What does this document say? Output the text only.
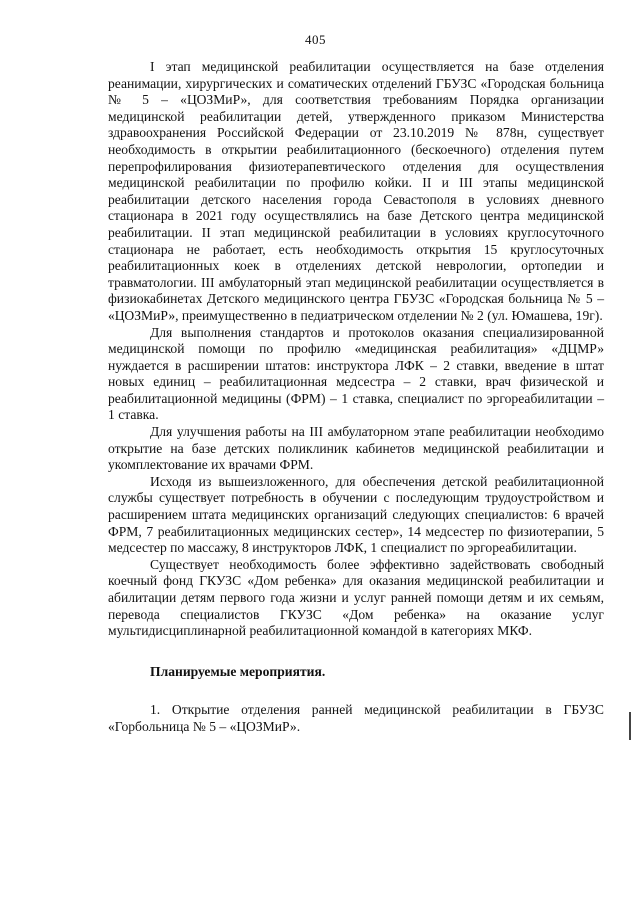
405

I этап медицинской реабилитации осуществляется на базе отделения реанимации, хирургических и соматических отделений ГБУЗС «Городская больница № 5 – «ЦОЗМиР», для соответствия требованиям Порядка организации медицинской реабилитации детей, утвержденного приказом Министерства здравоохранения Российской Федерации от 23.10.2019 № 878н, существует необходимость в открытии реабилитационного (бескоечного) отделения путем перепрофилирования физиотерапевтического отделения для осуществления медицинской реабилитации по профилю койки. II и III этапы медицинской реабилитации детского населения города Севастополя в условиях дневного стационара в 2021 году осуществлялись на базе Детского центра медицинской реабилитации. II этап медицинской реабилитации в условиях круглосуточного стационара не работает, есть необходимость открытия 15 круглосуточных реабилитационных коек в отделениях детской неврологии, ортопедии и травматологии. III амбулаторный этап медицинской реабилитации осуществляется в физиокабинетах Детского медицинского центра ГБУЗС «Городская больница № 5 – «ЦОЗМиР», преимущественно в педиатрическом отделении № 2 (ул. Юмашева, 19г).

Для выполнения стандартов и протоколов оказания специализированной медицинской помощи по профилю «медицинская реабилитация» «ДЦМР» нуждается в расширении штатов: инструктора ЛФК – 2 ставки, введение в штат новых единиц – реабилитационная медсестра – 2 ставки, врач физической и реабилитационной медицины (ФРМ) – 1 ставка, специалист по эргореабилитации – 1 ставка.

Для улучшения работы на III амбулаторном этапе реабилитации необходимо открытие на базе детских поликлиник кабинетов медицинской реабилитации и укомплектование их врачами ФРМ.

Исходя из вышеизложенного, для обеспечения детской реабилитационной службы существует потребность в обучении с последующим трудоустройством и расширением штата медицинских организаций следующих специалистов: 6 врачей ФРМ, 7 реабилитационных медицинских сестер», 14 медсестер по физиотерапии, 5 медсестер по массажу, 8 инструкторов ЛФК, 1 специалист по эргореабилитации.

Существует необходимость более эффективно задействовать свободный коечный фонд ГКУЗС «Дом ребенка» для оказания медицинской реабилитации и абилитации детям первого года жизни и услуг ранней помощи детям и их семьям, перевода специалистов ГКУЗС «Дом ребенка» на оказание услуг мультидисциплинарной реабилитационной командой в категориях МКФ.

Планируемые мероприятия.

1. Открытие отделения ранней медицинской реабилитации в ГБУЗС «Горбольница № 5 – «ЦОЗМиР».
